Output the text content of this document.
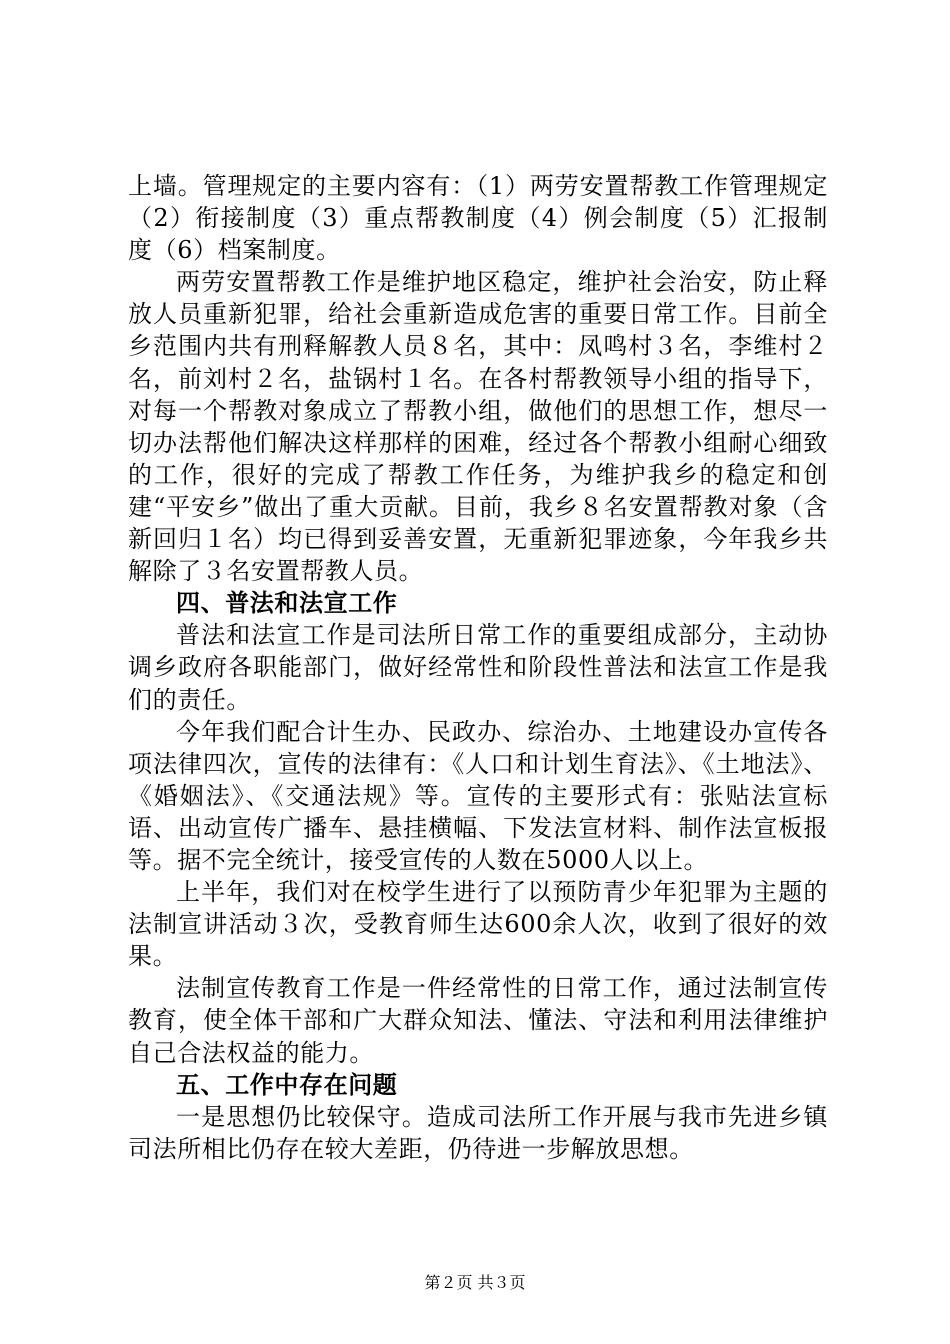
上墙。管理规定的主要内容有：（1）两劳安置帮教工作管理规定（2）衔接制度（3）重点帮教制度（4）例会制度（5）汇报制度（6）档案制度。

两劳安置帮教工作是维护地区稳定，维护社会治安，防止释放人员重新犯罪，给社会重新造成危害的重要日常工作。目前全乡范围内共有刑释解教人员８名，其中：凤鸣村３名，李维村２名，前刘村２名，盐锅村１名。在各村帮教领导小组的指导下，对每一个帮教对象成立了帮教小组，做他们的思想工作，想尽一切办法帮他们解决这样那样的困难，经过各个帮教小组耐心细致的工作，很好的完成了帮教工作任务，为维护我乡的稳定和创建“平安乡”做出了重大贡献。目前，我乡８名安置帮教对象（含新回归１名）均已得到妥善安置，无重新犯罪迹象，今年我乡共解除了３名安置帮教人员。

四、普法和法宣工作

普法和法宣工作是司法所日常工作的重要组成部分，主动协调乡政府各职能部门，做好经常性和阶段性普法和法宣工作是我们的责任。

今年我们配合计生办、民政办、综治办、土地建设办宣传各项法律四次，宣传的法律有：《人口和计划生育法》、《土地法》、《婚姻法》、《交通法规》等。宣传的主要形式有：张贴法宣标语、出动宣传广播车、悬挂横幅、下发法宣材料、制作法宣板报等。据不完全统计，接受宣传的人数在5000人以上。

上半年，我们对在校学生进行了以预防青少年犯罪为主题的法制宣讲活动３次，受教育师生达600余人次，收到了很好的效果。

法制宣传教育工作是一件经常性的日常工作，通过法制宣传教育，使全体干部和广大群众知法、懂法、守法和利用法律维护自己合法权益的能力。

五、工作中存在问题

一是思想仍比较保守。造成司法所工作开展与我市先进乡镇司法所相比仍存在较大差距，仍待进一步解放思想。

第２页 共３页
